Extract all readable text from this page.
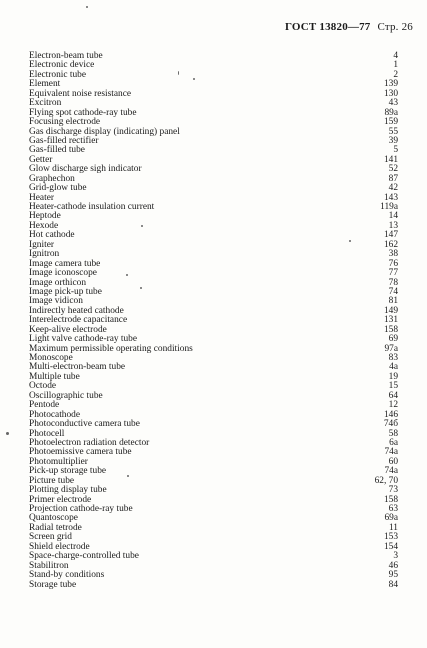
ГОСТ 13820—77 Стр. 26
Electron-beam tube	4
Electronic device	1
Electronic tube	2
Element	139
Equivalent noise resistance	130
Excitron	43
Flying spot cathode-ray tube	89a
Focusing electrode	159
Gas discharge display (indicating) panel	55
Gas-filled rectifier	39
Gas-filled tube	5
Getter	141
Glow discharge sigh indicator	52
Graphechon	87
Grid-glow tube	42
Heater	143
Heater-cathode insulation current	119a
Heptode	14
Hexode	13
Hot cathode	147
Igniter	162
Ignitron	38
Image camera tube	76
Image iconoscope	77
Image orthicon	78
Image pick-up tube	74
Image vidicon	81
Indirectly heated cathode	149
Interelectrode capacitance	131
Keep-alive electrode	158
Light valve cathode-ray tube	69
Maximum permissible operating conditions	97a
Monoscope	83
Multi-electron-beam tube	4a
Multiple tube	19
Octode	15
Oscillographic tube	64
Pentode	12
Photocathode	146
Photoconductive camera tube	74б
Photocell	58
Photoelectron radiation detector	6a
Photoemissive camera tube	74a
Photomultiplier	60
Pick-up storage tube	74a
Picture tube	62, 70
Plotting display tube	73
Primer electrode	158
Projection cathode-ray tube	63
Quantoscope	69a
Radial tetrode	11
Screen grid	153
Shield electrode	154
Space-charge-controlled tube	3
Stabilitron	46
Stand-by conditions	95
Storage tube	84
